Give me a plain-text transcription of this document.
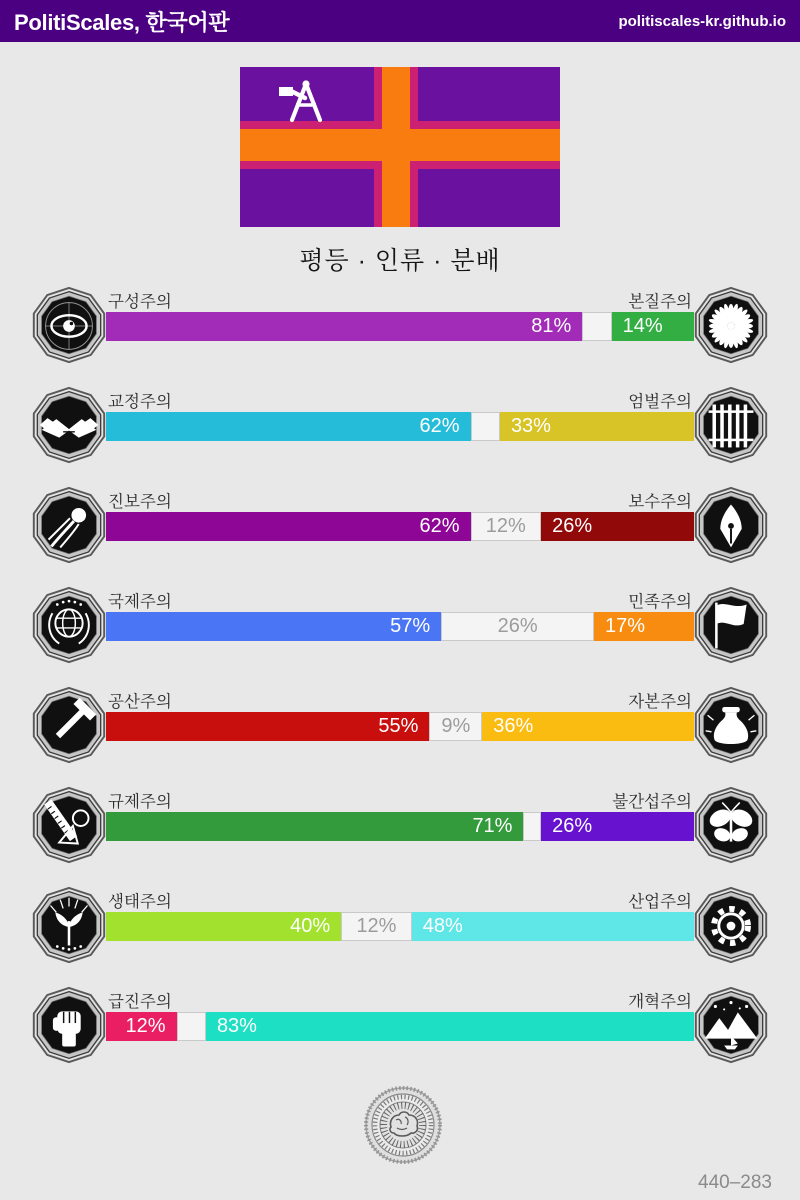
PolitiScales, 한국어판	politiscales-kr.github.io
평등 · 인류 · 분배
구성주의	본질주의
81%	14%
교정주의	엄벌주의
62%	33%
진보주의	보수주의
62%	12%	26%
국제주의	민족주의
57%	26%	17%
공산주의	자본주의
55%	9%	36%
규제주의	불간섭주의
71%	26%
생태주의	산업주의
40%	12%	48%
급진주의	개혁주의
12%	83%
440–283
